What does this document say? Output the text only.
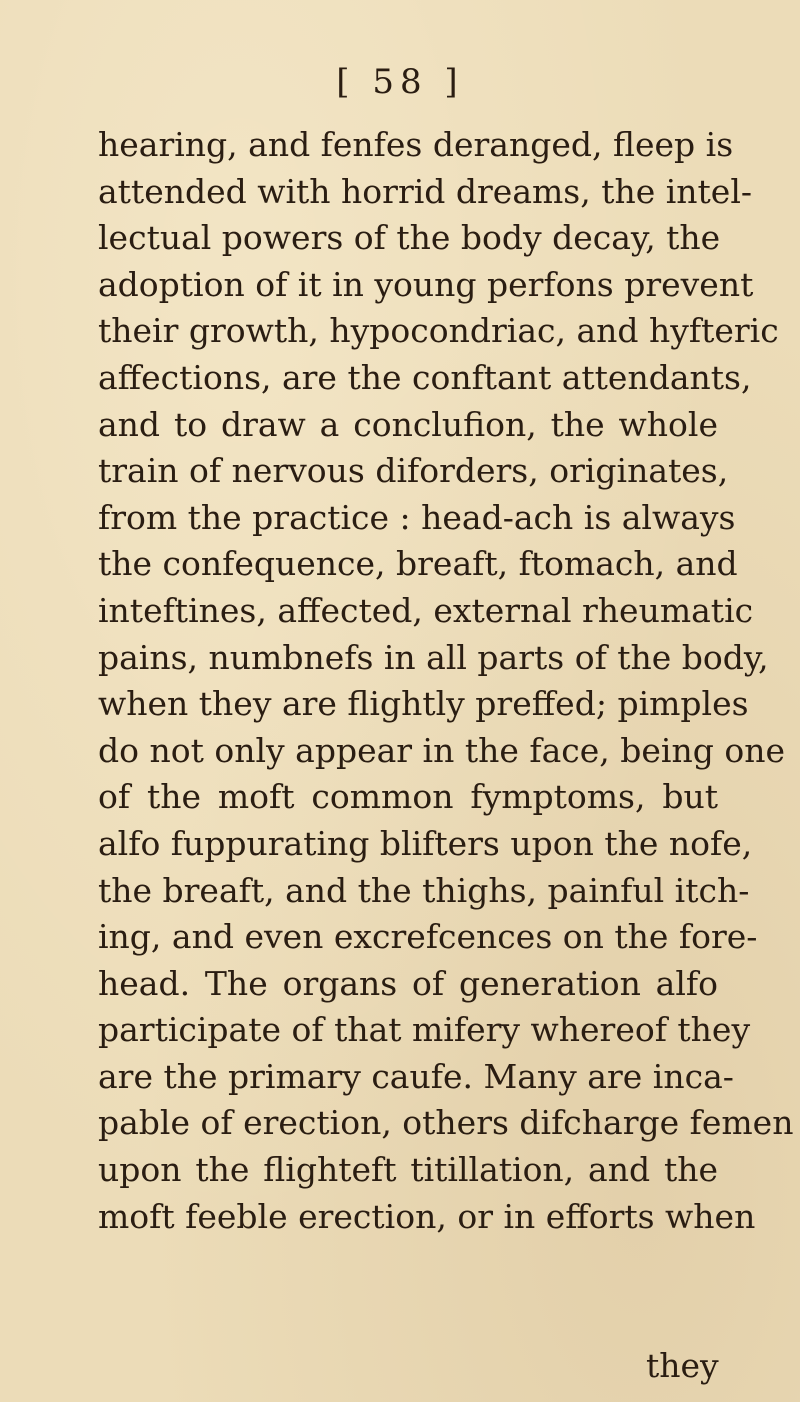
[ 58 ]
hearing, and fenfes deranged, fleep is
attended with horrid dreams, the intel-
lectual powers of the body decay, the
adoption of it in young perfons prevent
their growth, hypocondriac, and hyfteric
affections, are the conftant attendants,
and to draw a conclufion, the whole
train of nervous diforders, originates,
from the practice : head-ach is always
the confequence, breaft, ftomach, and
inteftines, affected, external rheumatic
pains, numbnefs in all parts of the body,
when they are flightly preffed; pimples
do not only appear in the face, being one
of the moft common fymptoms, but
alfo fuppurating blifters upon the nofe,
the breaft, and the thighs, painful itch-
ing, and even excrefcences on the fore-
head. The organs of generation alfo
participate of that mifery whereof they
are the primary caufe. Many are inca-
pable of erection, others difcharge femen
upon the flighteft titillation, and the
moft feeble erection, or in efforts when
they
